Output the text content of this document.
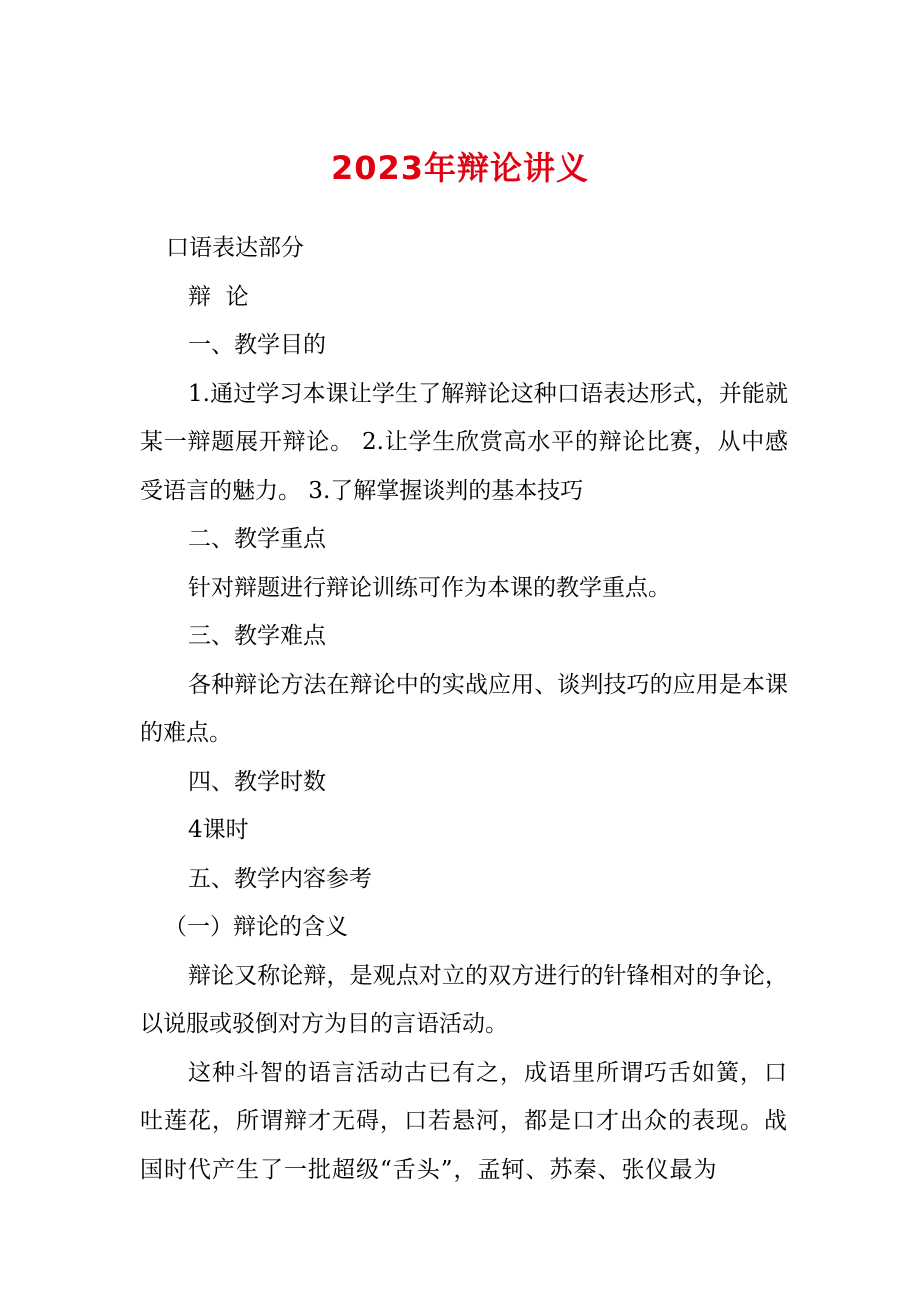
2023年辩论讲义

口语表达部分

辩  论

一、教学目的

1.通过学习本课让学生了解辩论这种口语表达形式，并能就某一辩题展开辩论。 2.让学生欣赏高水平的辩论比赛，从中感受语言的魅力。 3.了解掌握谈判的基本技巧

二、教学重点

针对辩题进行辩论训练可作为本课的教学重点。

三、教学难点

各种辩论方法在辩论中的实战应用、谈判技巧的应用是本课的难点。

四、教学时数

4课时

五、教学内容参考

（一）辩论的含义

辩论又称论辩，是观点对立的双方进行的针锋相对的争论，以说服或驳倒对方为目的言语活动。

这种斗智的语言活动古已有之，成语里所谓巧舌如簧，口吐莲花，所谓辩才无碍，口若悬河，都是口才出众的表现。战国时代产生了一批超级“舌头”，孟轲、苏秦、张仪最为
